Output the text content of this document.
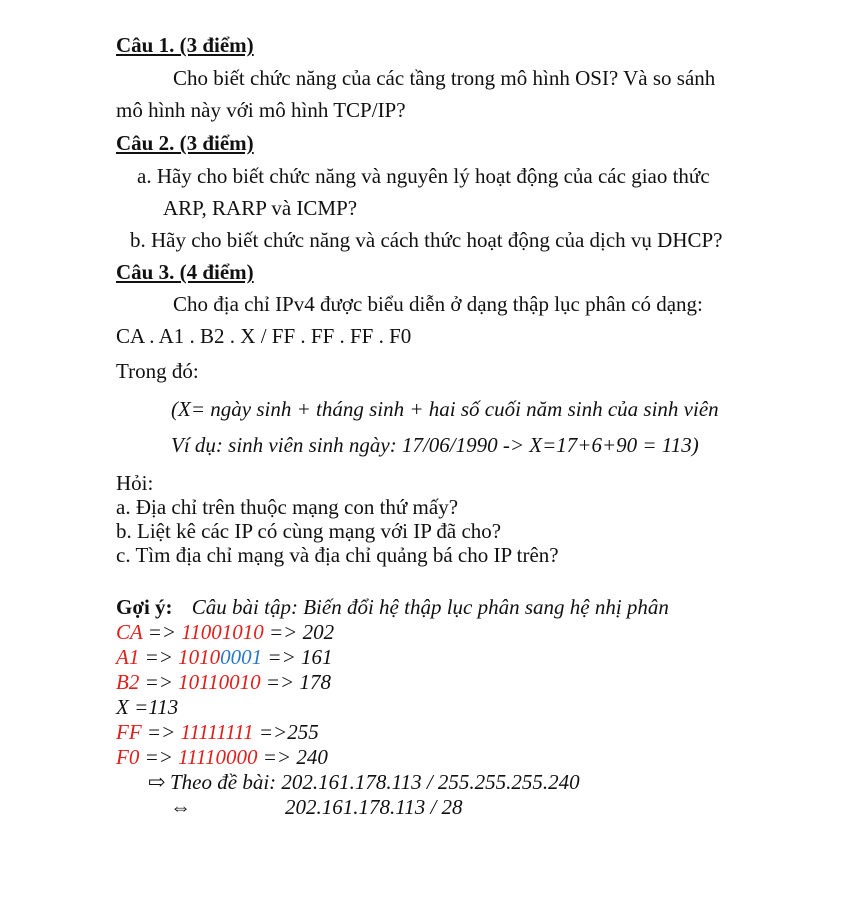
Câu 1. (3 điểm)
Cho biết chức năng của các tầng trong mô hình OSI? Và so sánh
mô hình này với mô hình TCP/IP?
Câu 2. (3 điểm)
a. Hãy cho biết chức năng và nguyên lý hoạt động của các giao thức
ARP, RARP và ICMP?
b. Hãy cho biết chức năng và cách thức hoạt động của dịch vụ DHCP?
Câu 3. (4 điểm)
Cho địa chỉ IPv4 được biểu diễn ở dạng thập lục phân có dạng:
CA . A1 . B2 . X / FF . FF . FF . F0
Trong đó:
(X= ngày sinh + tháng sinh + hai số cuối năm sinh của sinh viên
Ví dụ: sinh viên sinh ngày: 17/06/1990 -> X=17+6+90 = 113)
Hỏi:
a. Địa chỉ trên thuộc mạng con thứ mấy?
b. Liệt kê các IP có cùng mạng với IP đã cho?
c. Tìm địa chỉ mạng và địa chỉ quảng bá cho IP trên?
Gợi ý: Câu bài tập: Biến đổi hệ thập lục phân sang hệ nhị phân
CA => 11001010 => 202
A1 => 10100001 => 161
B2 => 10110010 => 178
X =113
FF => 11111111 =>255
F0 => 11110000 => 240
⇨ Theo đề bài: 202.161.178.113 / 255.255.255.240
⇔	202.161.178.113 / 28
